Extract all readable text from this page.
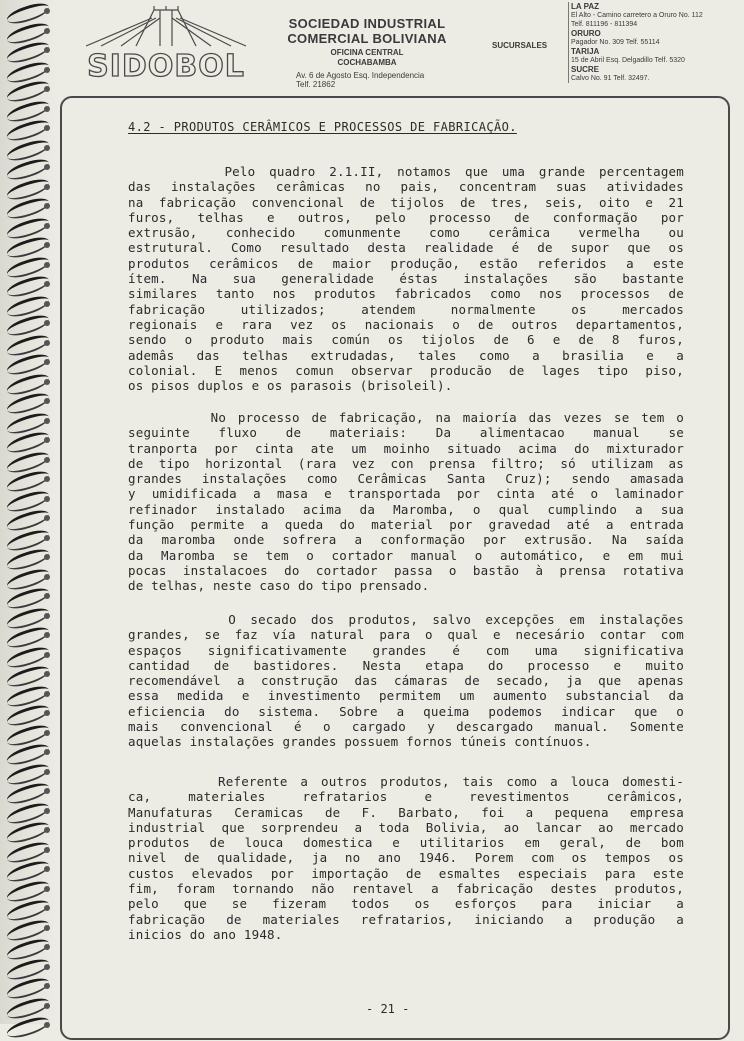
SIDOBOL
SOCIEDAD INDUSTRIAL
COMERCIAL BOLIVIANA
OFICINA CENTRAL
COCHABAMBA
Av. 6 de Agosto Esq. Independencia
Telf. 21862
SUCURSALES
LA PAZ
El Alto - Camino carretero a Oruro No. 112
Telf. 811196 - 811394
ORURO
Pagador No. 309 Telf. 55114
TARIJA
15 de Abril Esq. Delgadillo Telf. 5320
SUCRE
Calvo No. 91 Telf. 32497.
4.2 - PRODUTOS CERÂMICOS E PROCESSOS DE FABRICAÇÃO.
Pelo quadro 2.1.II, notamos que uma grande percentagem
das instalações cerâmicas no pais, concentram suas atividades
na fabricação convencional de tijolos de tres, seis, oito e 21
furos, telhas e outros, pelo processo de conformação por
extrusão, conhecido comunmente como cerâmica vermelha ou
estrutural. Como resultado desta realidade é de supor que os
produtos cerâmicos de maior produção, estão referidos a este
ítem. Na sua generalidade éstas instalações são bastante
similares tanto nos produtos fabricados como nos processos de
fabricação utilizados; atendem normalmente os mercados
regionais e rara vez os nacionais o de outros departamentos,
sendo o produto mais común os tijolos de 6 e de 8 furos,
ademâs das telhas extrudadas, tales como a brasilia e a
colonial. E menos comun observar producão de lages tipo piso,
os pisos duplos e os parasois (brisoleil).
No processo de fabricação, na maioría das vezes se tem o
seguinte fluxo de materiais: Da alimentacao manual se
tranporta por cinta ate um moinho situado acima do mixturador
de tipo horizontal (rara vez con prensa filtro; só utilizam as
grandes instalações como Cerâmicas Santa Cruz); sendo amasada
y umidificada a masa e transportada por cinta até o laminador
refinador instalado acima da Maromba, o qual cumplindo a sua
função permite a queda do material por gravedad até a entrada
da maromba onde sofrera a conformação por extrusão. Na saída
da Maromba se tem o cortador manual o automático, e em mui
pocas instalacoes do cortador passa o bastão à prensa rotativa
de telhas, neste caso do tipo prensado.
O secado dos produtos, salvo excepções em instalações
grandes, se faz vía natural para o qual e necesário contar com
espaços significativamente grandes é com uma significativa
cantidad de bastidores. Nesta etapa do processo e muito
recomendável a construção das cámaras de secado, ja que apenas
essa medida e investimento permitem um aumento substancial da
eficiencia do sistema. Sobre a queima podemos indicar que o
mais convencional é o cargado y descargado manual. Somente
aquelas instalações grandes possuem fornos túneis contínuos.
Referente a outros produtos, tais como a louca domesti-
ca, materiales refratarios e revestimentos cerâmicos,
Manufaturas Ceramicas de F. Barbato, foi a pequena empresa
industrial que sorprendeu a toda Bolivia, ao lancar ao mercado
produtos de louca domestica e utilitarios em geral, de bom
nivel de qualidade, ja no ano 1946. Porem com os tempos os
custos elevados por importação de esmaltes especiais para este
fim, foram tornando não rentavel a fabricação destes produtos,
pelo que se fizeram todos os esforços para iniciar a
fabricação de materiales refratarios, iniciando a produção a
inicios do ano 1948.
- 21 -
